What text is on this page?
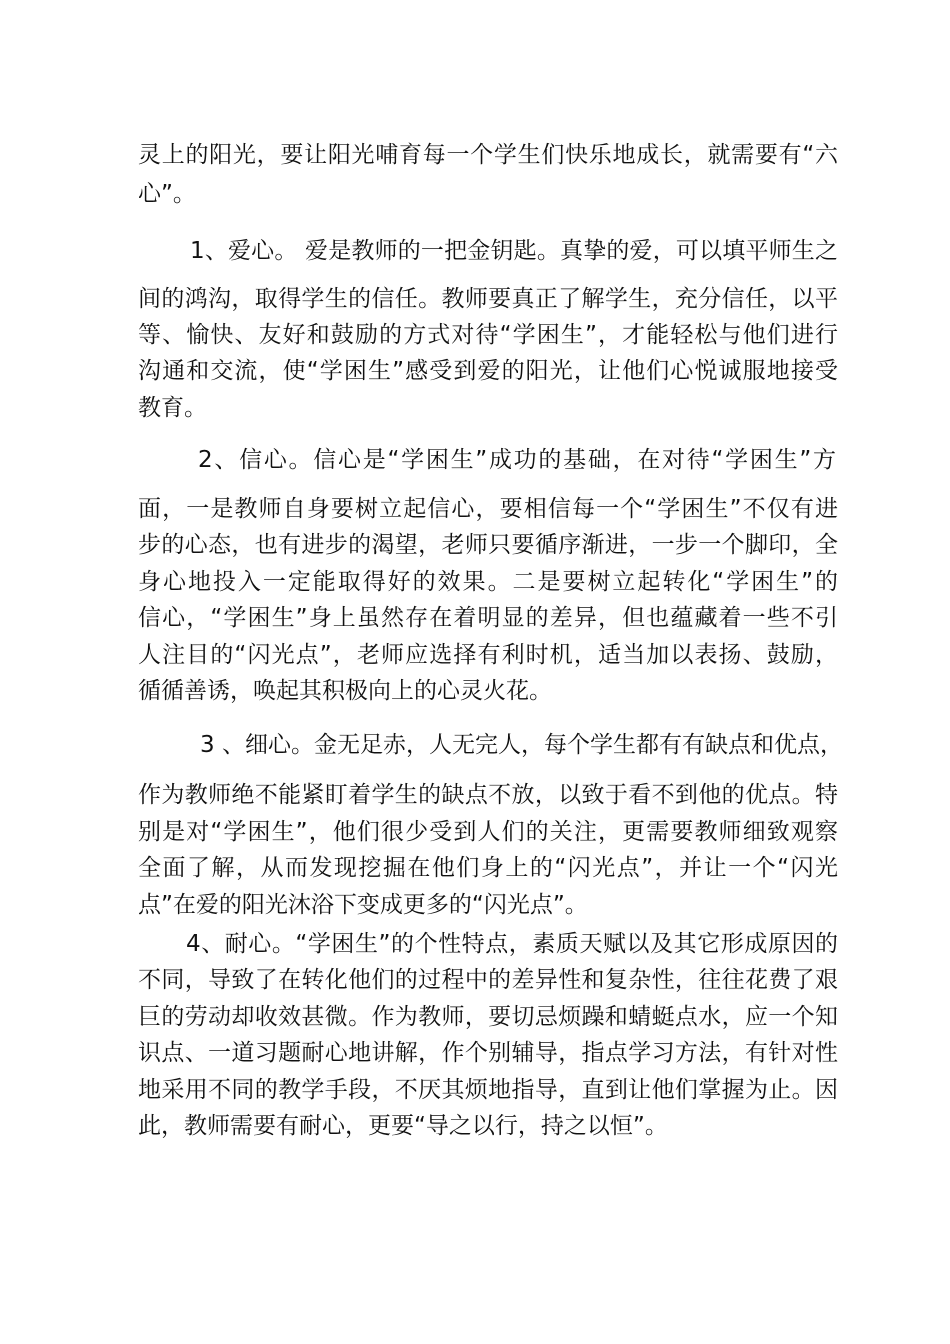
灵上的阳光，要让阳光哺育每一个学生们快乐地成长，就需要有“六
心”。
1、爱心。 爱是教师的一把金钥匙。真挚的爱，可以填平师生之
间的鸿沟，取得学生的信任。教师要真正了解学生，充分信任，以平
等、愉快、友好和鼓励的方式对待“学困生”，才能轻松与他们进行
沟通和交流，使“学困生”感受到爱的阳光，让他们心悦诚服地接受
教育。
2、信心。信心是“学困生”成功的基础，在对待“学困生”方
面，一是教师自身要树立起信心，要相信每一个“学困生”不仅有进
步的心态，也有进步的渴望，老师只要循序渐进，一步一个脚印，全
身心地投入一定能取得好的效果。二是要树立起转化“学困生”的
信心，“学困生”身上虽然存在着明显的差异，但也蕴藏着一些不引
人注目的“闪光点”，老师应选择有利时机，适当加以表扬、鼓励，
循循善诱，唤起其积极向上的心灵火花。
3 、细心。金无足赤，人无完人，每个学生都有有缺点和优点，
作为教师绝不能紧盯着学生的缺点不放，以致于看不到他的优点。特
别是对“学困生”，他们很少受到人们的关注，更需要教师细致观察
全面了解，从而发现挖掘在他们身上的“闪光点”，并让一个“闪光
点”在爱的阳光沐浴下变成更多的“闪光点”。
4、耐心。“学困生”的个性特点，素质天赋以及其它形成原因的
不同，导致了在转化他们的过程中的差异性和复杂性，往往花费了艰
巨的劳动却收效甚微。作为教师，要切忌烦躁和蜻蜓点水，应一个知
识点、一道习题耐心地讲解，作个别辅导，指点学习方法，有针对性
地采用不同的教学手段，不厌其烦地指导，直到让他们掌握为止。因
此，教师需要有耐心，更要“导之以行，持之以恒”。
